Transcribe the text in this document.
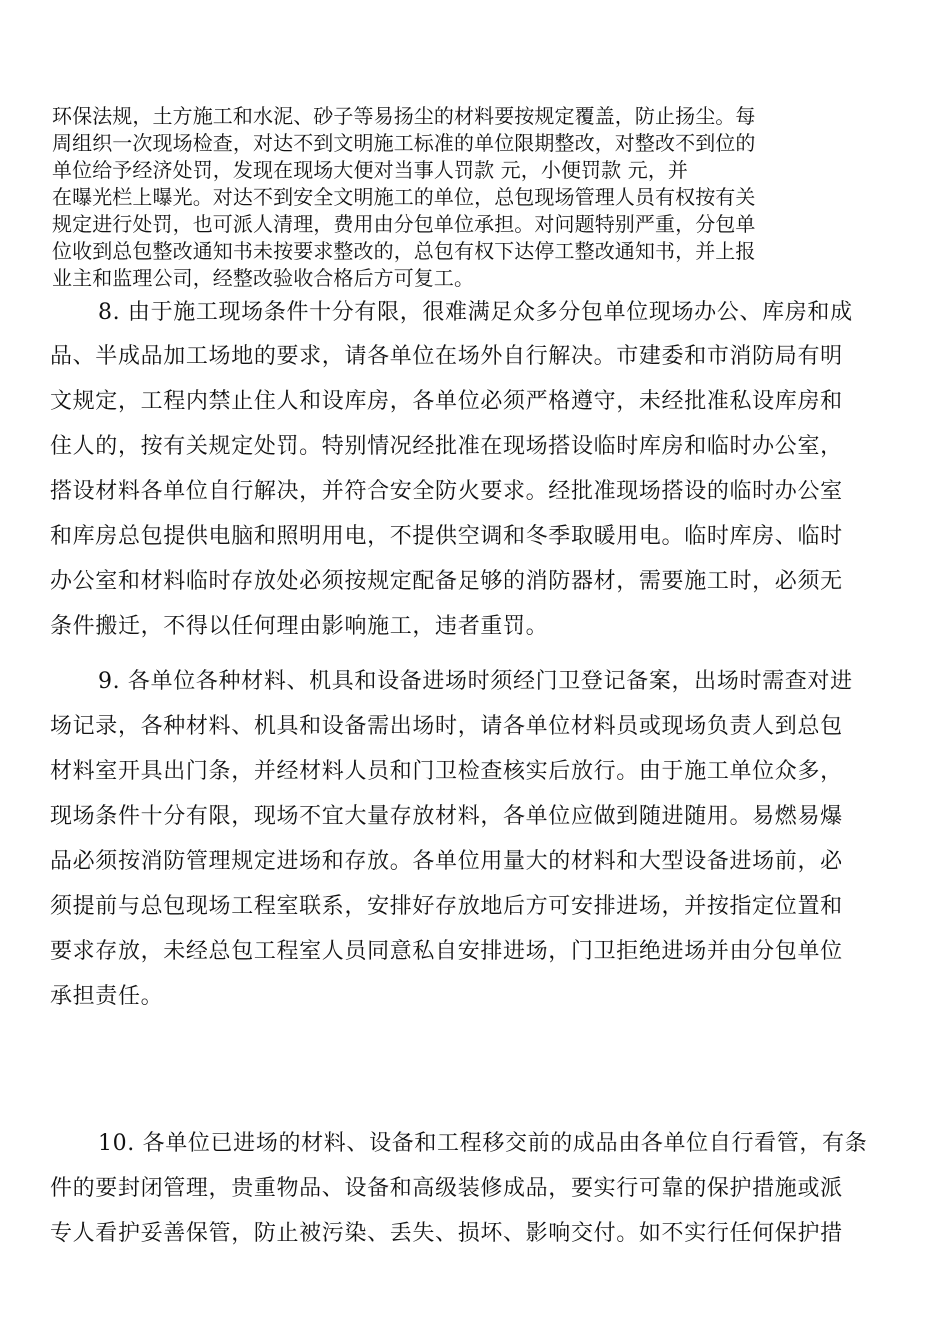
环保法规，土方施工和水泥、砂子等易扬尘的材料要按规定覆盖，防止扬尘。每
周组织一次现场检查，对达不到文明施工标准的单位限期整改，对整改不到位的
单位给予经济处罚，发现在现场大便对当事人罚款 元，小便罚款 元，并
在曝光栏上曝光。对达不到安全文明施工的单位，总包现场管理人员有权按有关
规定进行处罚，也可派人清理，费用由分包单位承担。对问题特别严重，分包单
位收到总包整改通知书未按要求整改的，总包有权下达停工整改通知书，并上报
业主和监理公司，经整改验收合格后方可复工。
8. 由于施工现场条件十分有限，很难满足众多分包单位现场办公、库房和成
品、半成品加工场地的要求，请各单位在场外自行解决。市建委和市消防局有明
文规定，工程内禁止住人和设库房，各单位必须严格遵守，未经批准私设库房和
住人的，按有关规定处罚。特别情况经批准在现场搭设临时库房和临时办公室，
搭设材料各单位自行解决，并符合安全防火要求。经批准现场搭设的临时办公室
和库房总包提供电脑和照明用电，不提供空调和冬季取暖用电。临时库房、临时
办公室和材料临时存放处必须按规定配备足够的消防器材，需要施工时，必须无
条件搬迁，不得以任何理由影响施工，违者重罚。
9. 各单位各种材料、机具和设备进场时须经门卫登记备案，出场时需查对进
场记录，各种材料、机具和设备需出场时，请各单位材料员或现场负责人到总包
材料室开具出门条，并经材料人员和门卫检查核实后放行。由于施工单位众多，
现场条件十分有限，现场不宜大量存放材料，各单位应做到随进随用。易燃易爆
品必须按消防管理规定进场和存放。各单位用量大的材料和大型设备进场前，必
须提前与总包现场工程室联系，安排好存放地后方可安排进场，并按指定位置和
要求存放，未经总包工程室人员同意私自安排进场，门卫拒绝进场并由分包单位
承担责任。
10. 各单位已进场的材料、设备和工程移交前的成品由各单位自行看管，有条
件的要封闭管理，贵重物品、设备和高级装修成品，要实行可靠的保护措施或派
专人看护妥善保管，防止被污染、丢失、损坏、影响交付。如不实行任何保护措
